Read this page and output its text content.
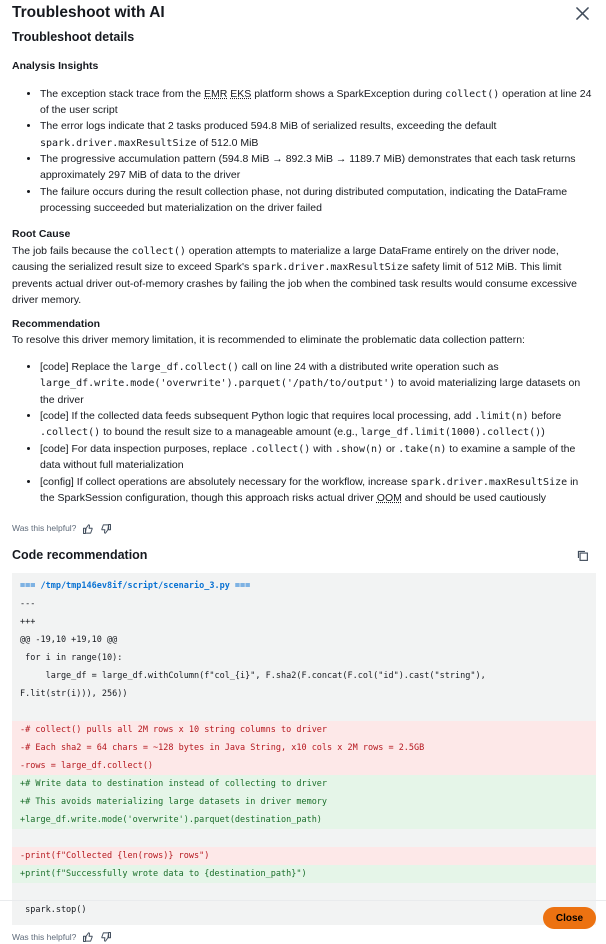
Troubleshoot with AI
Troubleshoot details
Analysis Insights
• The exception stack trace from the EMR EKS platform shows a SparkException during collect() operation at line 24 of the user script
• The error logs indicate that 2 tasks produced 594.8 MiB of serialized results, exceeding the default spark.driver.maxResultSize of 512.0 MiB
• The progressive accumulation pattern (594.8 MiB → 892.3 MiB → 1189.7 MiB) demonstrates that each task returns approximately 297 MiB of data to the driver
• The failure occurs during the result collection phase, not during distributed computation, indicating the DataFrame processing succeeded but materialization on the driver failed
Root Cause

The job fails because the collect() operation attempts to materialize a large DataFrame entirely on the driver node, causing the serialized result size to exceed Spark's spark.driver.maxResultSize safety limit of 512 MiB. This limit prevents actual driver out-of-memory crashes by failing the job when the combined task results would consume excessive driver memory.

Recommendation

To resolve this driver memory limitation, it is recommended to eliminate the problematic data collection pattern:

• [code] Replace the large_df.collect() call on line 24 with a distributed write operation such as large_df.write.mode('overwrite').parquet('/path/to/output') to avoid materializing large datasets on the driver
• [code] If the collected data feeds subsequent Python logic that requires local processing, add .limit(n) before .collect() to bound the result size to a manageable amount (e.g., large_df.limit(1000).collect())
• [code] For data inspection purposes, replace .collect() with .show(n) or .take(n) to examine a sample of the data without full materialization
• [config] If collect operations are absolutely necessary for the workflow, increase spark.driver.maxResultSize in the SparkSession configuration, though this approach risks actual driver OOM and should be used cautiously
Was this helpful?
Code recommendation
=== /tmp/tmp146ev8if/script/scenario_3.py ===
---
+++
@@ -19,10 +19,10 @@
for i in range(10):
large_df = large_df.withColumn(f"col_{i}", F.sha2(F.concat(F.col("id").cast("string"),
F.lit(str(i))), 256))
-# collect() pulls all 2M rows x 10 string columns to driver
-# Each sha2 = 64 chars = ~128 bytes in Java String, x10 cols x 2M rows = 2.5GB
-rows = large_df.collect()
+# Write data to destination instead of collecting to driver
+# This avoids materializing large datasets in driver memory
+large_df.write.mode('overwrite').parquet(destination_path)
-print(f"Collected {len(rows)} rows")
+print(f"Successfully wrote data to {destination_path}")
spark.stop()
Was this helpful?
Close
